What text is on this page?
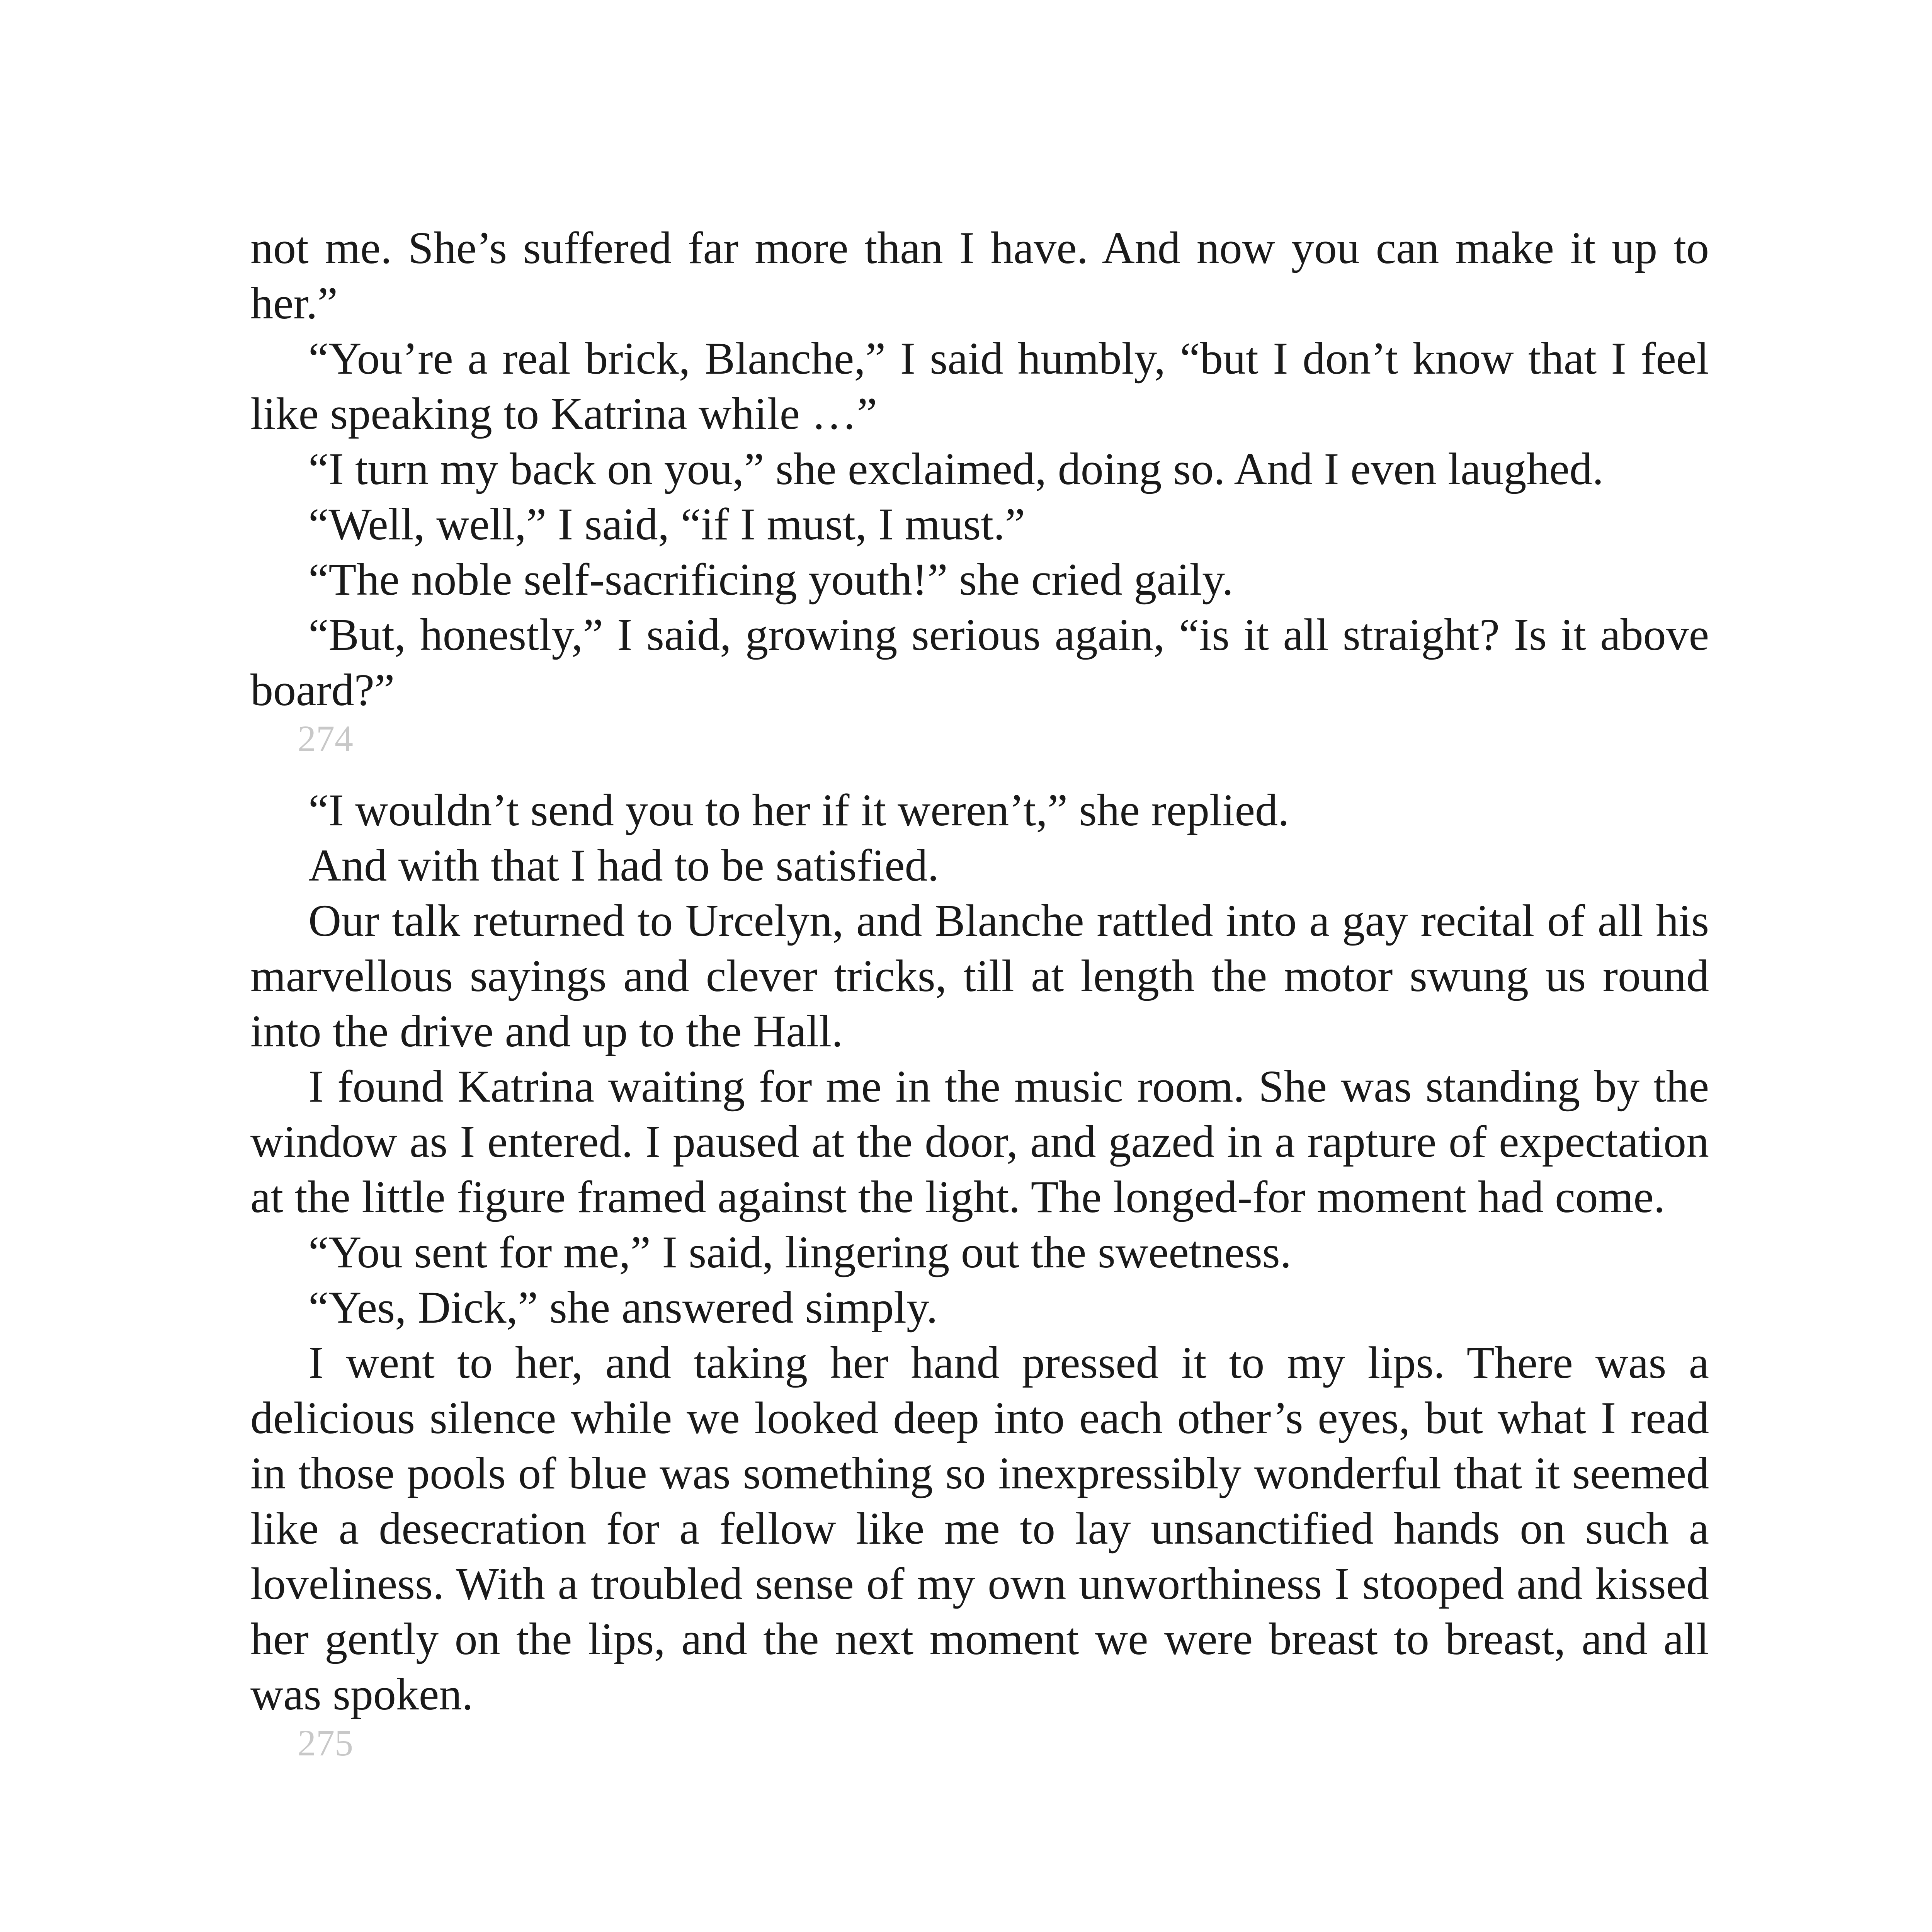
not me. She’s suffered far more than I have. And now you can make it up to her.”

“You’re a real brick, Blanche,” I said humbly, “but I don’t know that I feel like speaking to Katrina while …”

“I turn my back on you,” she exclaimed, doing so. And I even laughed.

“Well, well,” I said, “if I must, I must.”

“The noble self-sacrificing youth!” she cried gaily.

“But, honestly,” I said, growing serious again, “is it all straight? Is it above board?”

274

“I wouldn’t send you to her if it weren’t,” she replied.

And with that I had to be satisfied.

Our talk returned to Urcelyn, and Blanche rattled into a gay recital of all his marvellous sayings and clever tricks, till at length the motor swung us round into the drive and up to the Hall.

I found Katrina waiting for me in the music room. She was standing by the window as I entered. I paused at the door, and gazed in a rapture of expectation at the little figure framed against the light. The longed-for moment had come.

“You sent for me,” I said, lingering out the sweetness.

“Yes, Dick,” she answered simply.

I went to her, and taking her hand pressed it to my lips. There was a delicious silence while we looked deep into each other’s eyes, but what I read in those pools of blue was something so inexpressibly wonderful that it seemed like a desecration for a fellow like me to lay unsanctified hands on such a loveliness. With a troubled sense of my own unworthiness I stooped and kissed her gently on the lips, and the next moment we were breast to breast, and all was spoken.

275
